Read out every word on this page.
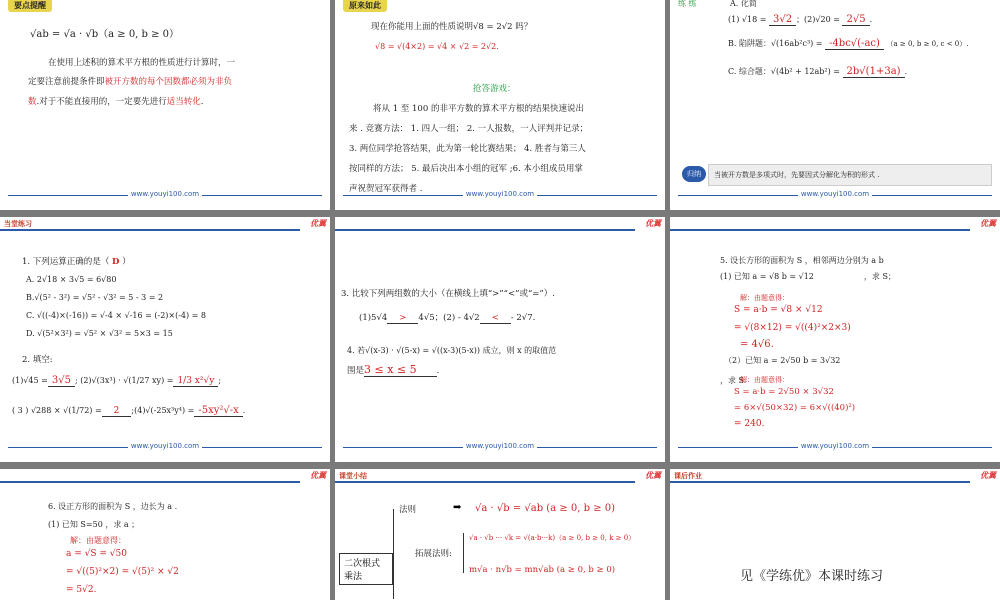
要点提醒
√ab = √a · √b（a ≥ 0, b ≥ 0）
在使用上述积的算术平方根的性质进行计算时，一
定要注意前提条件即被开方数的每个因数都必须为非负
数.对于不能直接用的，一定要先进行适当转化.
www.youyi100.com
原来如此
现在你能用上面的性质说明√8 = 2√2 吗？
√8 = √(4×2) = √4 × √2 = 2√2.
抢答游戏：
将从 1 至 100 的非平方数的算术平方根的结果快速说出
来 . 竞赛方法： 1. 四人一组； 2. 一人报数，一人评判并记录；
3. 两位同学抢答结果，此为第一轮比赛结果； 4. 胜者与第三人
按同样的方法； 5. 最后决出本小组的冠军 ;6. 本小组成员用掌
声祝贺冠军获得者 .	www.youyi100.com
练 练	A. 化简
(1) √18 = 3√2 ；(2)√20 = 2√5 .
B. 陷阱题：√(16ab²c³) = -4bc√(-ac) （a ≥ 0, b ≥ 0, c < 0）.
C. 综合题：√(4b² + 12ab²) = 2b√(1+3a) .
归纳	当被开方数是多项式时，先要因式分解化为积的形式 .
www.youyi100.com
当堂练习	优翼
1. 下列运算正确的是（ D ）
A. 2√18 × 3√5 = 6√80
B.√(5² - 3²) = √5² - √3² = 5 - 3 = 2
C. √((-4)×(-16)) = √-4 × √-16 = (-2)×(-4) = 8
D. √(5²×3²) = √5² × √3² = 5×3 = 15
2. 填空:
(1)√45 = 3√5 ; (2)√(3x³) · √(1/27 xy) = 1/3 x²√y ;
( 3 ) √288 × √(1/72) = 2 ;(4)√(-25x³y⁴) = -5xy²√-x .
www.youyi100.com
优翼
3. 比较下列两组数的大小（在横线上填“>”“<”或“=”）.
(1)5√4 > 4√5；(2) - 4√2 < - 2√7.
4. 若√(x-3) · √(5-x) = √((x-3)(5-x)) 成立，则 x 的取值范
围是3 ≤ x ≤ 5 .
www.youyi100.com
优翼
5. 设长方形的面积为 S ，相邻两边分别为 a b
(1) 已知 a = √8 b = √12	，求 S；
解：由题意得：
S = a·b = √8 × √12
= √(8×12) = √((4)²×2×3)
= 4√6.
（2）已知 a = 2√50 b = 3√32
，求 S.
解：由题意得：
S = a·b = 2√50 × 3√32
= 6×√(50×32) = 6×√((40)²)
= 240.
www.youyi100.com
优翼
6. 设正方形的面积为 S ，边长为 a .
(1) 已知 S=50 ，求 a ；
解：由题意得：
a = √S = √50
= √((5)²×2) = √(5)² × √2
= 5√2.
课堂小结	优翼
二次根式乘法
法则	➡ √a · √b = √ab (a ≥ 0, b ≥ 0)
拓展法则:
√a · √b ··· √k = √(a·b···k)（a ≥ 0, b ≥ 0, k ≥ 0）
m√a · n√b = mn√ab (a ≥ 0, b ≥ 0)
课后作业	优翼
见《学练优》本课时练习
